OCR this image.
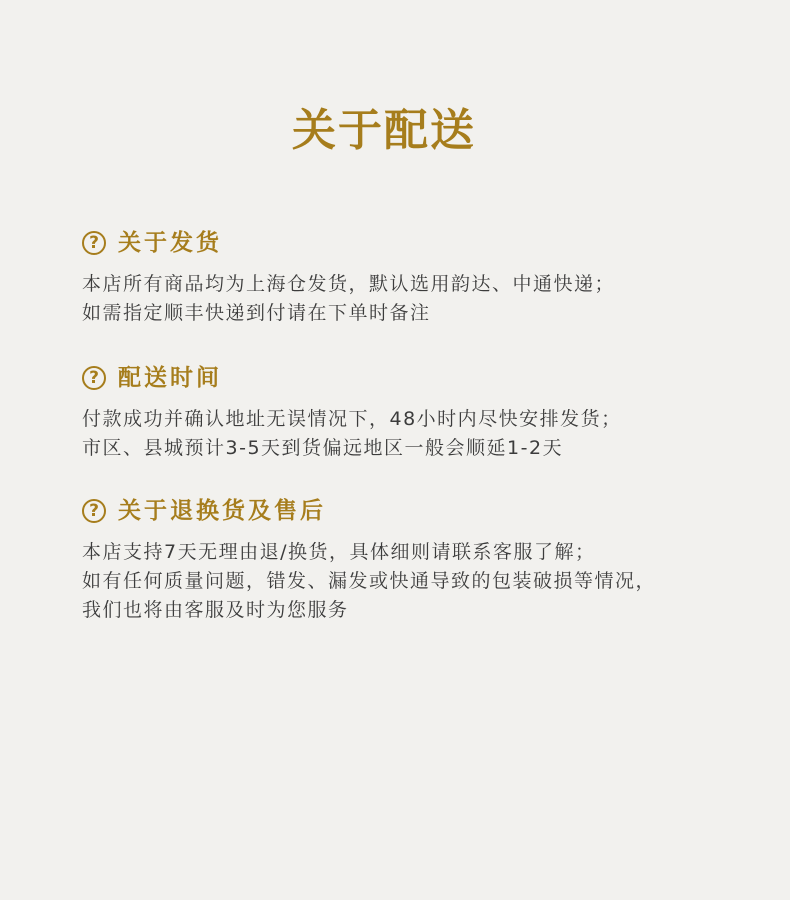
关于配送
? 关于发货
本店所有商品均为上海仓发货，默认选用韵达、中通快递；
如需指定顺丰快递到付请在下单时备注
? 配送时间
付款成功并确认地址无误情况下，48小时内尽快安排发货；
市区、县城预计3-5天到货偏远地区一般会顺延1-2天
? 关于退换货及售后
本店支持7天无理由退/换货，具体细则请联系客服了解；
如有任何质量问题，错发、漏发或快通导致的包装破损等情况，
我们也将由客服及时为您服务
